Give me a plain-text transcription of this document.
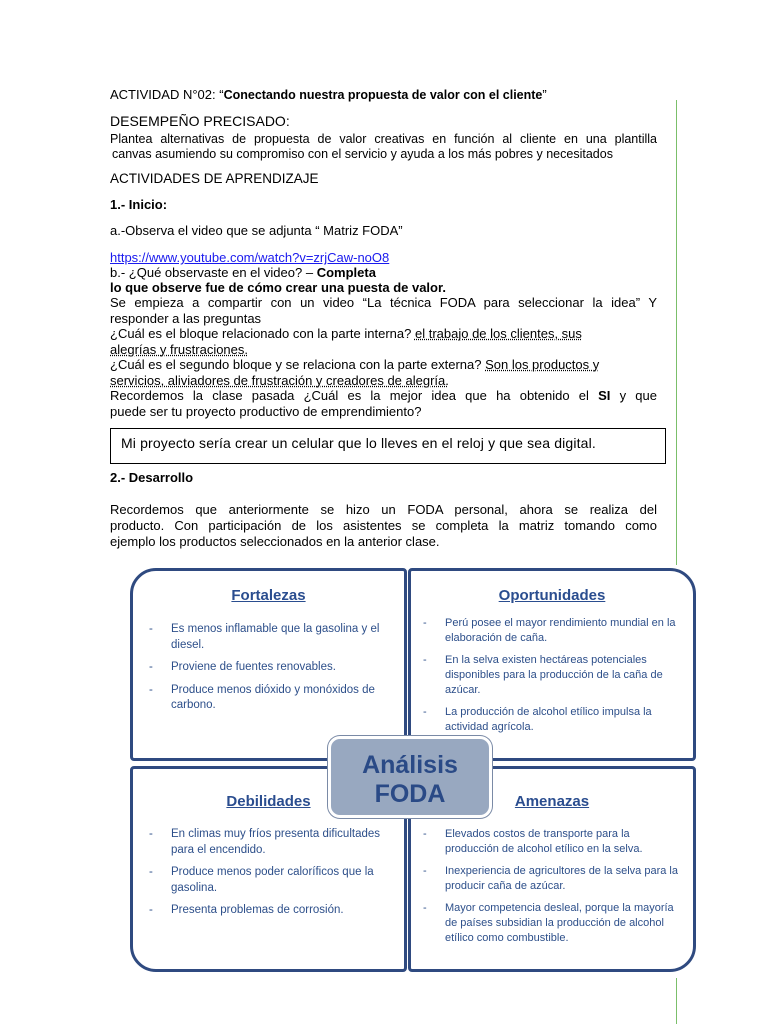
ACTIVIDAD N°02: “Conectando nuestra propuesta de valor con el cliente”
DESEMPEÑO PRECISADO:
Plantea alternativas de propuesta de valor creativas en función al cliente en una plantilla
canvas asumiendo su compromiso con el servicio y ayuda a los más pobres y necesitados
ACTIVIDADES DE APRENDIZAJE
1.- Inicio:
a.-Observa el video que se adjunta “ Matriz FODA”
https://www.youtube.com/watch?v=zrjCaw-noO8
b.- ¿Qué observaste en el video? – Completa
lo que observe fue de cómo crear una puesta de valor.
Se empieza a compartir con un video “La técnica FODA para seleccionar la idea” Y
responder a las preguntas
¿Cuál es el bloque relacionado con la parte interna? el trabajo de los clientes, sus
alegrías y frustraciones.
¿Cuál es el segundo bloque y se relaciona con la parte externa? Son los productos y
servicios, aliviadores de frustración y creadores de alegría.
Recordemos la clase pasada ¿Cuál es la mejor idea que ha obtenido el SI y que
puede ser tu proyecto productivo de emprendimiento?
Mi proyecto sería crear un celular que lo lleves en el reloj y que sea digital.
2.- Desarrollo
Recordemos que anteriormente se hizo un FODA personal, ahora se realiza del
producto. Con participación de los asistentes se completa la matriz tomando como
ejemplo los productos seleccionados en la anterior clase.
Fortalezas
- Es menos inflamable que la gasolina y el diesel.
- Proviene de fuentes renovables.
- Produce menos dióxido y monóxidos de carbono.
Oportunidades
- Perú posee el mayor rendimiento mundial en la elaboración de caña.
- En la selva existen hectáreas potenciales disponibles para la producción de la caña de azúcar.
- La producción de alcohol etílico impulsa la actividad agrícola.
Debilidades
- En climas muy fríos presenta dificultades para el encendido.
- Produce menos poder caloríficos que la gasolina.
- Presenta problemas de corrosión.
Amenazas
- Elevados costos de transporte para la producción de alcohol etílico en la selva.
- Inexperiencia de agricultores de la selva para la producir caña de azúcar.
- Mayor competencia desleal, porque la mayoría de países subsidian la producción de alcohol etílico como combustible.
Análisis
FODA
